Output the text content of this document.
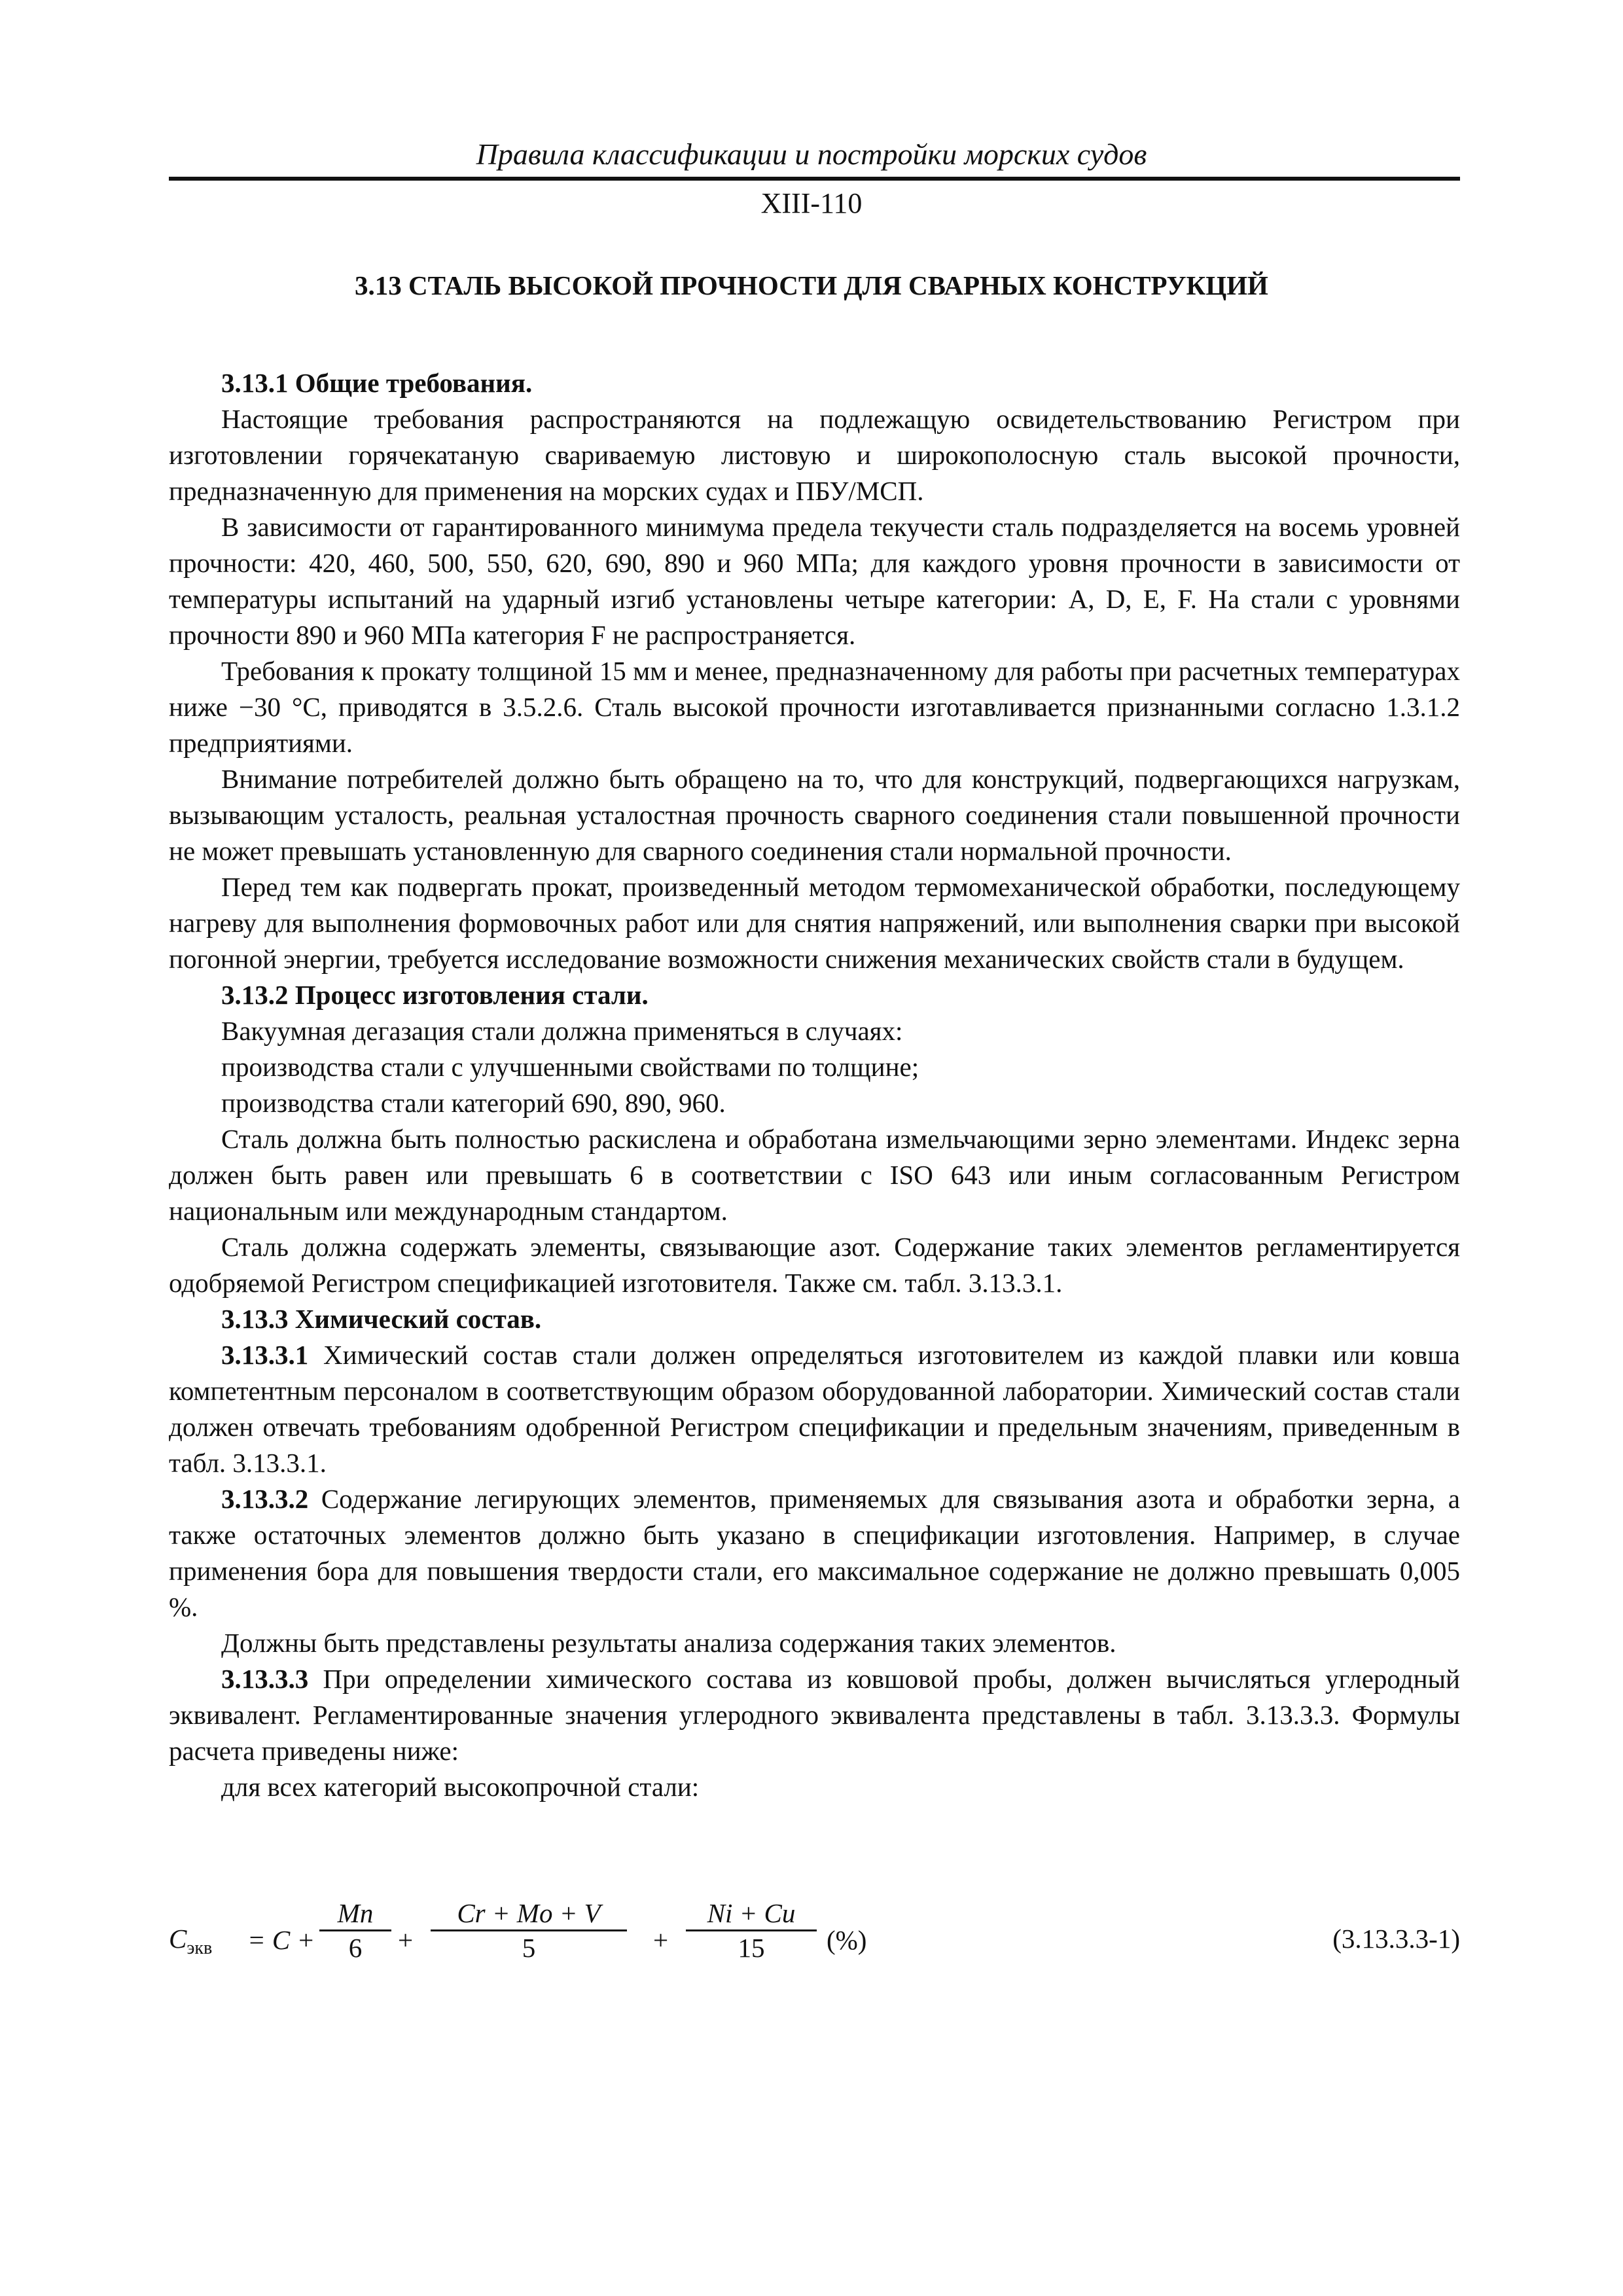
Правила классификации и постройки морских судов
XIII-110
3.13 СТАЛЬ ВЫСОКОЙ ПРОЧНОСТИ ДЛЯ СВАРНЫХ КОНСТРУКЦИЙ

3.13.1 Общие требования.

Настоящие требования распространяются на подлежащую освидетельствованию Регистром при изготовлении горячекатаную свариваемую листовую и широкополосную сталь высокой прочности, предназначенную для применения на морских судах и ПБУ/МСП.

В зависимости от гарантированного минимума предела текучести сталь подразделяется на восемь уровней прочности: 420, 460, 500, 550, 620, 690, 890 и 960 МПа; для каждого уровня прочности в зависимости от температуры испытаний на ударный изгиб установлены четыре категории: A, D, E, F. На стали с уровнями прочности 890 и 960 МПа категория F не распространяется.

Требования к прокату толщиной 15 мм и менее, предназначенному для работы при расчетных температурах ниже −30 °C, приводятся в 3.5.2.6. Сталь высокой прочности изготавливается признанными согласно 1.3.1.2 предприятиями.

Внимание потребителей должно быть обращено на то, что для конструкций, подвергающихся нагрузкам, вызывающим усталость, реальная усталостная прочность сварного соединения стали повышенной прочности не может превышать установленную для сварного соединения стали нормальной прочности.

Перед тем как подвергать прокат, произведенный методом термомеханической обработки, последующему нагреву для выполнения формовочных работ или для снятия напряжений, или выполнения сварки при высокой погонной энергии, требуется исследование возможности снижения механических свойств стали в будущем.

3.13.2 Процесс изготовления стали.

Вакуумная дегазация стали должна применяться в случаях:

производства стали с улучшенными свойствами по толщине;

производства стали категорий 690, 890, 960.

Сталь должна быть полностью раскислена и обработана измельчающими зерно элементами. Индекс зерна должен быть равен или превышать 6 в соответствии с ISO 643 или иным согласованным Регистром национальным или международным стандартом.

Сталь должна содержать элементы, связывающие азот. Содержание таких элементов регламентируется одобряемой Регистром спецификацией изготовителя. Также см. табл. 3.13.3.1.

3.13.3 Химический состав.

3.13.3.1 Химический состав стали должен определяться изготовителем из каждой плавки или ковша компетентным персоналом в соответствующим образом оборудованной лаборатории. Химический состав стали должен отвечать требованиям одобренной Регистром спецификации и предельным значениям, приведенным в табл. 3.13.3.1.

3.13.3.2 Содержание легирующих элементов, применяемых для связывания азота и обработки зерна, а также остаточных элементов должно быть указано в спецификации изготовления. Например, в случае применения бора для повышения твердости стали, его максимальное содержание не должно превышать 0,005 %.

Должны быть представлены результаты анализа содержания таких элементов.

3.13.3.3 При определении химического состава из ковшовой пробы, должен вычисляться углеродный эквивалент. Регламентированные значения углеродного эквивалента представлены в табл. 3.13.3.3. Формулы расчета приведены ниже:

для всех категорий высокопрочной стали:

$C_{экв} = C + \frac{Mn}{6} + \frac{Cr + Mo + V}{5} + \frac{Ni + Cu}{15}$ (%)	(3.13.3.3-1)
